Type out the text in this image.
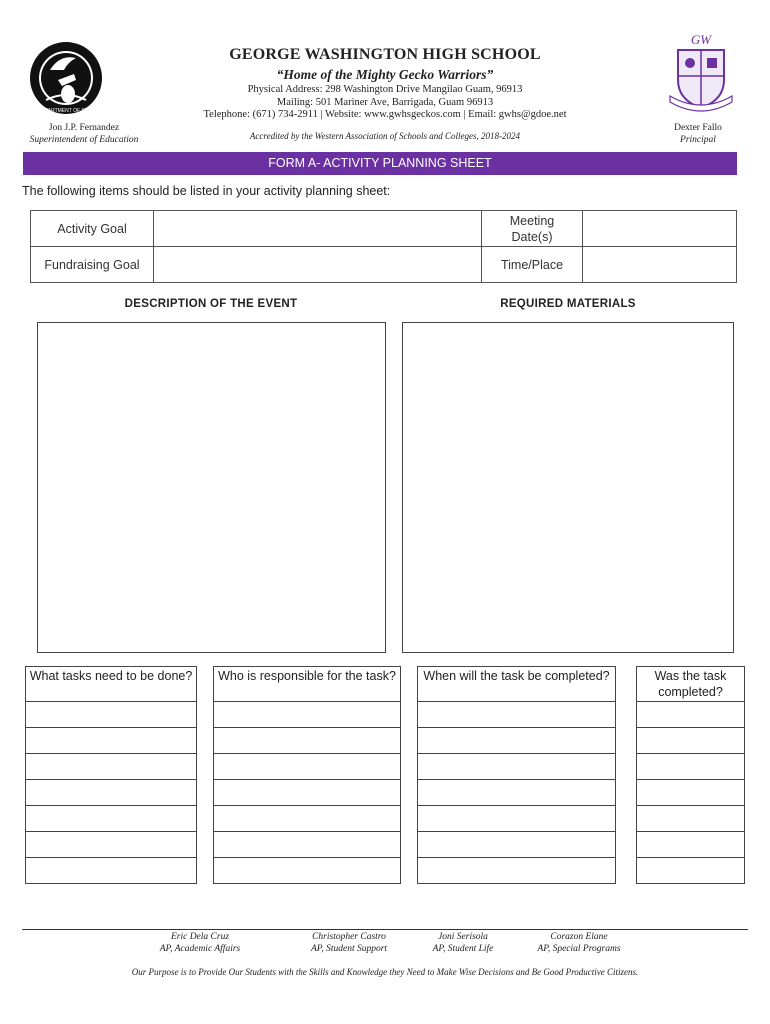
GUAM DEPARTMENT OF EDUCATION
GW
GEORGE WASHINGTON HIGH SCHOOL
“Home of the Mighty Gecko Warriors”
Physical Address: 298 Washington Drive Mangilao Guam, 96913
Mailing: 501 Mariner Ave, Barrigada, Guam 96913
Telephone: (671) 734-2911 | Website: www.gwhsgeckos.com | Email: gwhs@gdoe.net
Accredited by the Western Association of Schools and Colleges, 2018-2024
Jon J.P. Fernandez
Superintendent of Education
Dexter Fallo
Principal
FORM A- ACTIVITY PLANNING SHEET
The following items should be listed in your activity planning sheet:
Activity Goal		Meeting Date(s)	
Fundraising Goal		Time/Place	
DESCRIPTION OF THE EVENT	REQUIRED MATERIALS
What tasks need to be done?	Who is responsible for the task?	When will the task be completed?	Was the task completed?
Eric Dela Cruz
AP, Academic Affairs
Christopher Castro
AP, Student Support
Joni Serisola
AP, Student Life
Corazon Elane
AP, Special Programs
Our Purpose is to Provide Our Students with the Skills and Knowledge they Need to Make Wise Decisions and Be Good Productive Citizens.
